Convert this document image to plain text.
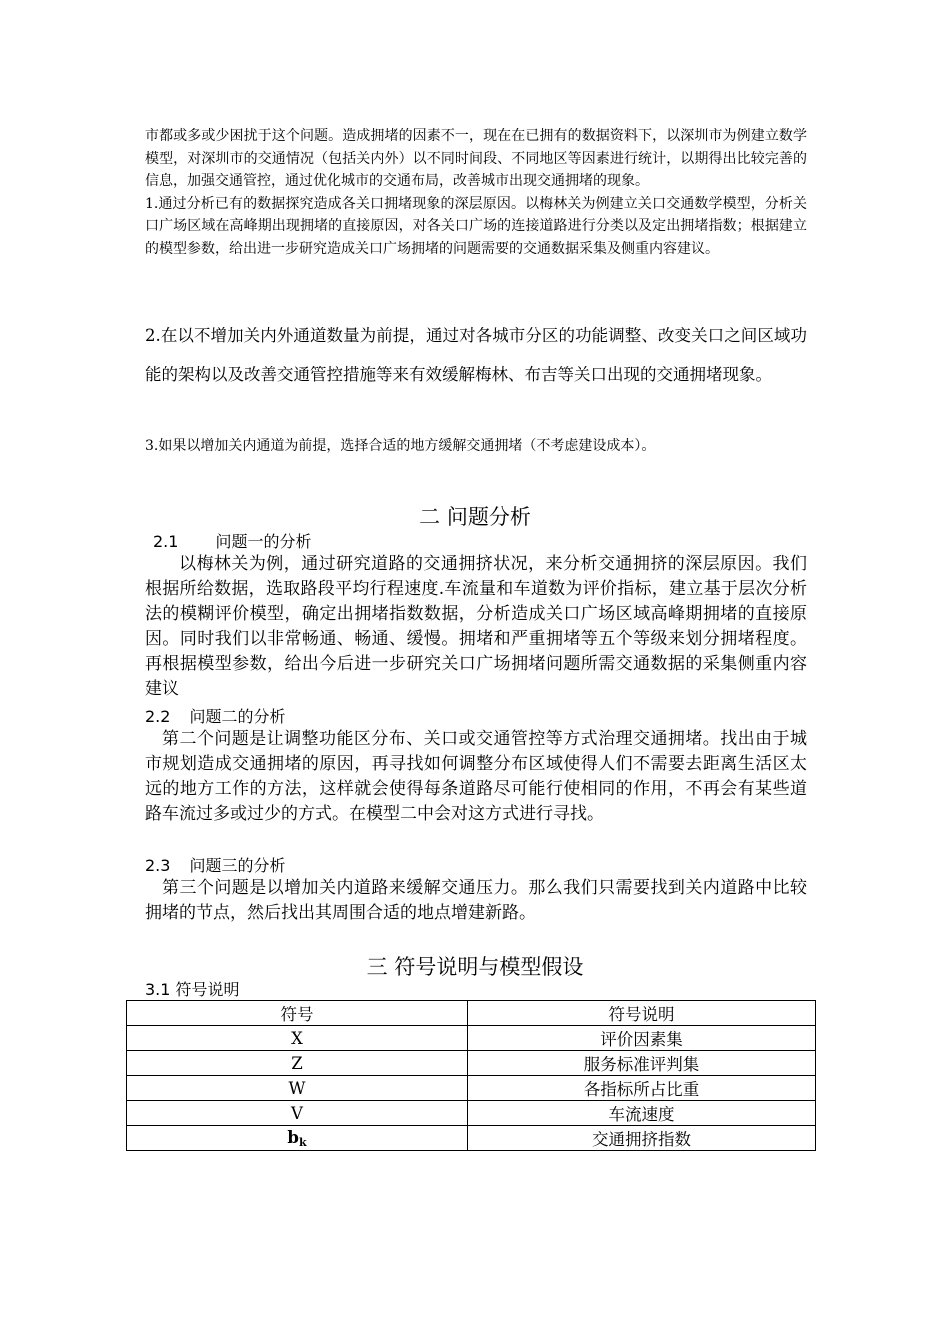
市都或多或少困扰于这个问题。造成拥堵的因素不一，现在在已拥有的数据资料下，以深圳市为例建立数学模型，对深圳市的交通情况（包括关内外）以不同时间段、不同地区等因素进行统计，以期得出比较完善的信息，加强交通管控，通过优化城市的交通布局，改善城市出现交通拥堵的现象。

1.通过分析已有的数据探究造成各关口拥堵现象的深层原因。以梅林关为例建立关口交通数学模型，分析关口广场区域在高峰期出现拥堵的直接原因，对各关口广场的连接道路进行分类以及定出拥堵指数；根据建立的模型参数，给出进一步研究造成关口广场拥堵的问题需要的交通数据采集及侧重内容建议。

2.在以不增加关内外通道数量为前提，通过对各城市分区的功能调整、改变关口之间区域功能的架构以及改善交通管控措施等来有效缓解梅林、布吉等关口出现的交通拥堵现象。

3.如果以增加关内通道为前提，选择合适的地方缓解交通拥堵（不考虑建设成本）。

二 问题分析
2.1 问题一的分析

以梅林关为例，通过研究道路的交通拥挤状况，来分析交通拥挤的深层原因。我们根据所给数据，选取路段平均行程速度.车流量和车道数为评价指标，建立基于层次分析法的模糊评价模型，确定出拥堵指数数据，分析造成关口广场区域高峰期拥堵的直接原因。同时我们以非常畅通、畅通、缓慢。拥堵和严重拥堵等五个等级来划分拥堵程度。再根据模型参数，给出今后进一步研究关口广场拥堵问题所需交通数据的采集侧重内容建议

2.2 问题二的分析

第二个问题是让调整功能区分布、关口或交通管控等方式治理交通拥堵。找出由于城市规划造成交通拥堵的原因，再寻找如何调整分布区域使得人们不需要去距离生活区太远的地方工作的方法，这样就会使得每条道路尽可能行使相同的作用，不再会有某些道路车流过多或过少的方式。在模型二中会对这方式进行寻找。

2.3 问题三的分析

第三个问题是以增加关内道路来缓解交通压力。那么我们只需要找到关内道路中比较拥堵的节点，然后找出其周围合适的地点增建新路。

三 符号说明与模型假设
3.1 符号说明
符号	符号说明
X	评价因素集
Z	服务标准评判集
W	各指标所占比重
V	车流速度
$b_k$	交通拥挤指数
